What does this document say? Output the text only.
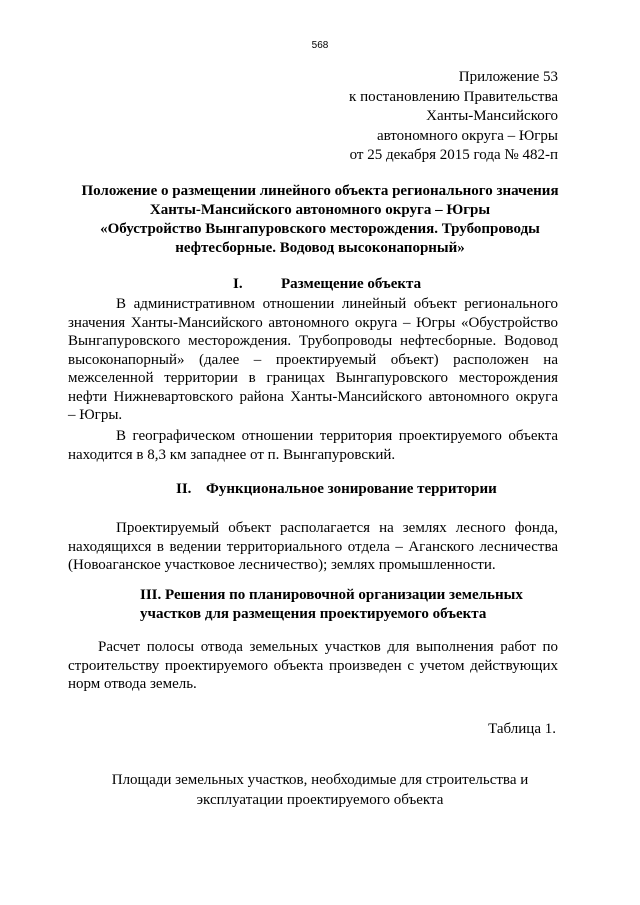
568
Приложение 53
к постановлению Правительства
Ханты-Мансийского
автономного округа – Югры
от 25 декабря 2015 года № 482-п
Положение о размещении линейного объекта регионального значения
Ханты-Мансийского автономного округа – Югры
«Обустройство Вынгапуровского месторождения. Трубопроводы
нефтесборные. Водовод высоконапорный»
I.	Размещение объекта
В административном отношении линейный объект регионального
значения Ханты-Мансийского автономного округа – Югры «Обустройство
Вынгапуровского месторождения. Трубопроводы нефтесборные. Водовод
высоконапорный» (далее – проектируемый объект) расположен на
межселенной территории в границах Вынгапуровского месторождения
нефти Нижневартовского района Ханты-Мансийского автономного округа
– Югры.
В географическом отношении территория проектируемого объекта
находится в 8,3 км западнее от п. Вынгапуровский.
II. Функциональное зонирование территории
Проектируемый объект располагается на землях лесного фонда,
находящихся в ведении территориального отдела – Аганского лесничества
(Новоаганское участковое лесничество); землях промышленности.
III. Решения по планировочной организации земельных
участков для размещения проектируемого объекта
Расчет полосы отвода земельных участков для выполнения работ по
строительству проектируемого объекта произведен с учетом действующих
норм отвода земель.
Таблица 1.
Площади земельных участков, необходимые для строительства и
эксплуатации проектируемого объекта
